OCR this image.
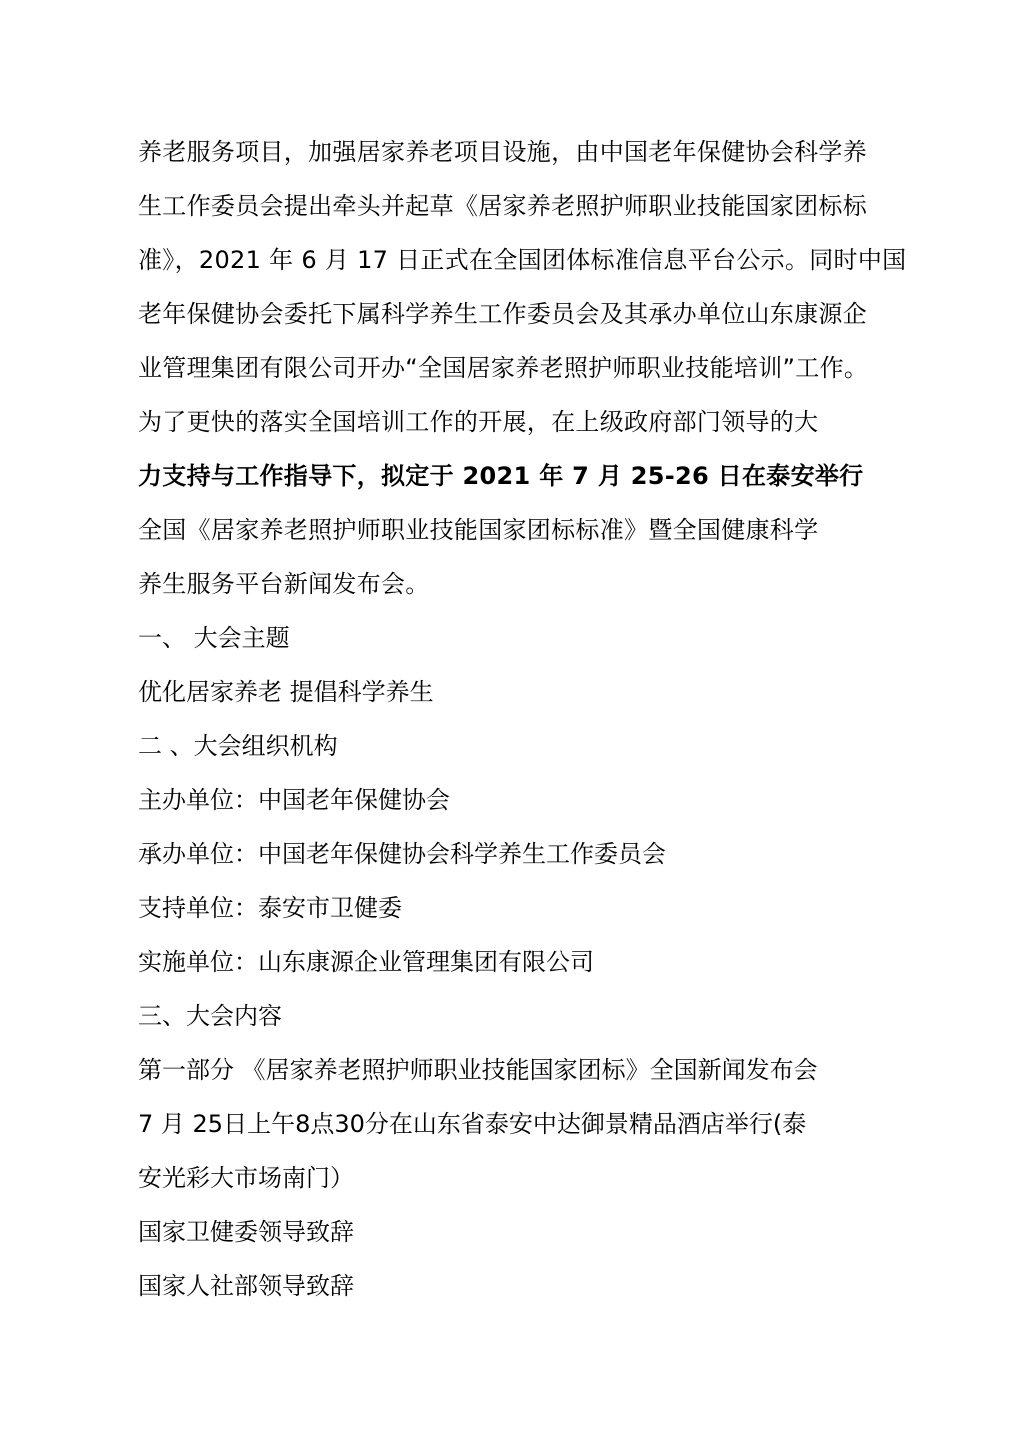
养老服务项目，加强居家养老项目设施，由中国老年保健协会科学养
生工作委员会提出牵头并起草《居家养老照护师职业技能国家团标标
准》，2021 年 6 月 17 日正式在全国团体标准信息平台公示。同时中国
老年保健协会委托下属科学养生工作委员会及其承办单位山东康源企
业管理集团有限公司开办“全国居家养老照护师职业技能培训”工作。
为了更快的落实全国培训工作的开展，在上级政府部门领导的大
力支持与工作指导下，拟定于 2021 年 7 月 25-26 日在泰安举行
全国《居家养老照护师职业技能国家团标标准》暨全国健康科学
养生服务平台新闻发布会。
一、 大会主题
优化居家养老 提倡科学养生
二 、大会组织机构
主办单位：中国老年保健协会
承办单位：中国老年保健协会科学养生工作委员会
支持单位：泰安市卫健委
实施单位：山东康源企业管理集团有限公司
三、大会内容
第一部分 《居家养老照护师职业技能国家团标》全国新闻发布会
7 月 25日上午8点30分在山东省泰安中达御景精品酒店举行(泰
安光彩大市场南门）
国家卫健委领导致辞
国家人社部领导致辞
